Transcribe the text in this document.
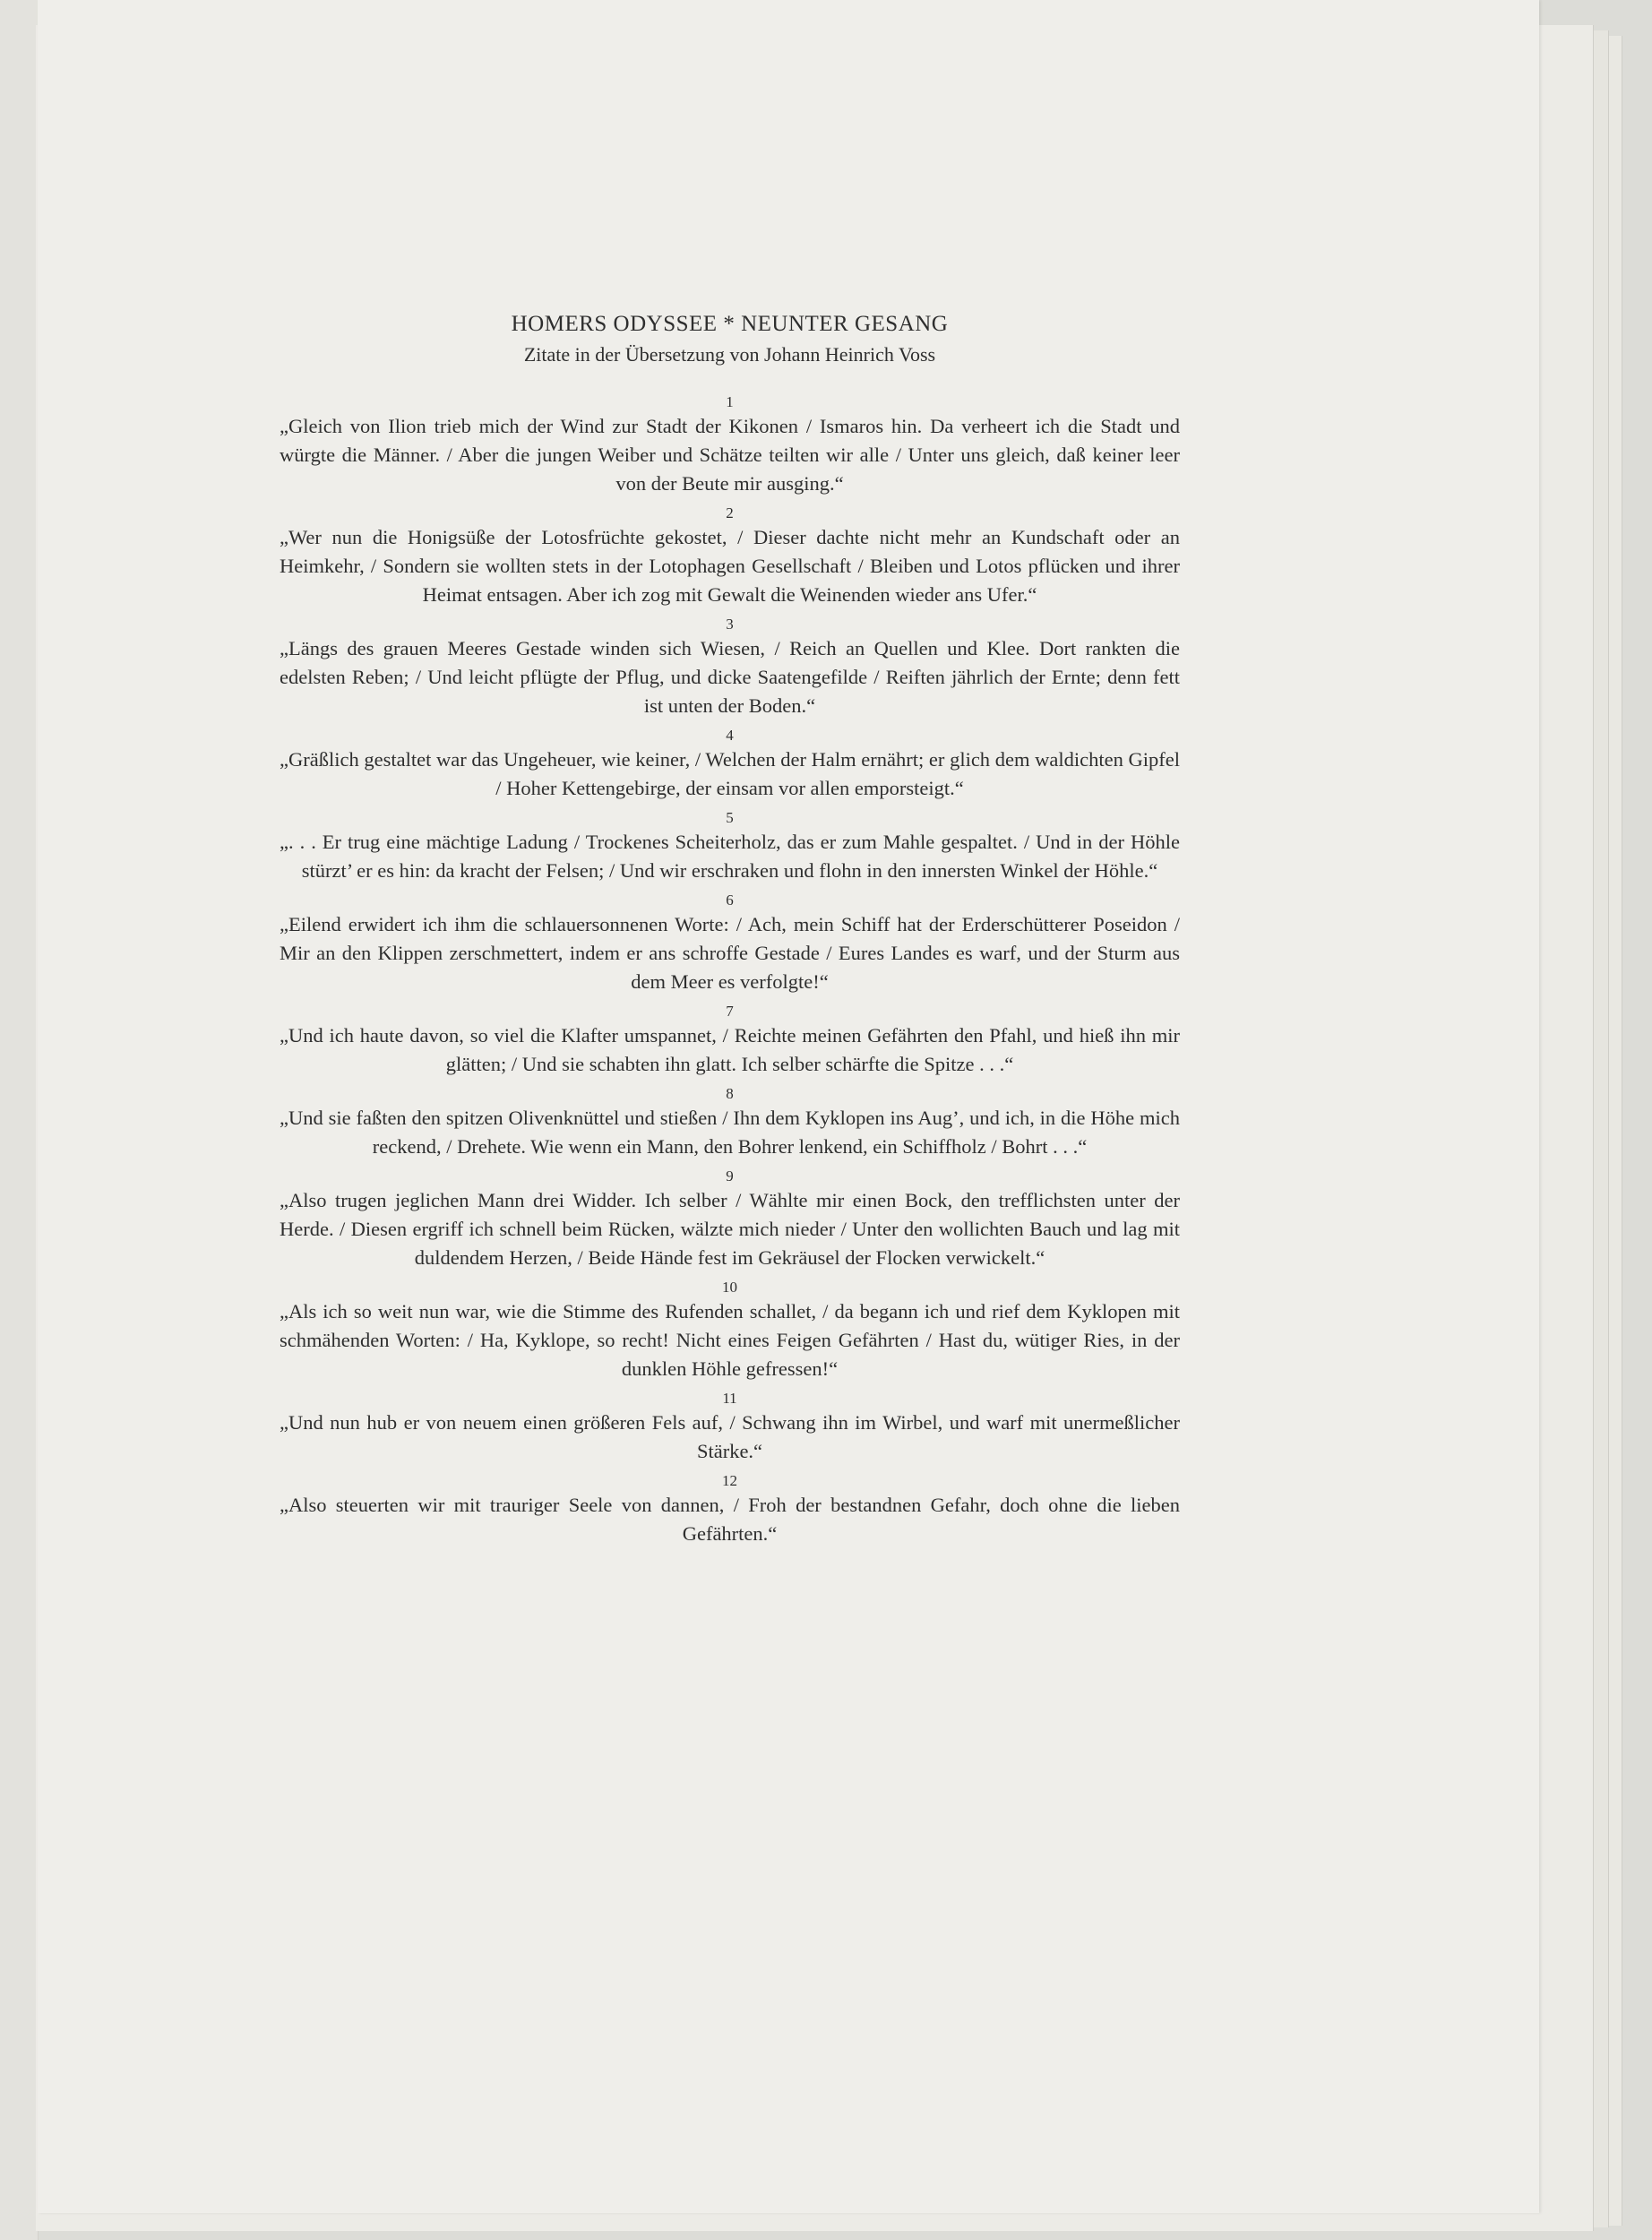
HOMERS ODYSSEE * NEUNTER GESANG

Zitate in der Übersetzung von Johann Heinrich Voss

1

„Gleich von Ilion trieb mich der Wind zur Stadt der Kikonen / Ismaros hin. Da verheert ich die Stadt und würgte die Männer. / Aber die jungen Weiber und Schätze teilten wir alle / Unter uns gleich, daß keiner leer von der Beute mir ausging.“

2

„Wer nun die Honigsüße der Lotosfrüchte gekostet, / Dieser dachte nicht mehr an Kundschaft oder an Heimkehr, / Sondern sie wollten stets in der Lotophagen Gesellschaft / Bleiben und Lotos pflücken und ihrer Heimat entsagen. Aber ich zog mit Gewalt die Weinenden wieder ans Ufer.“

3

„Längs des grauen Meeres Gestade winden sich Wiesen, / Reich an Quellen und Klee. Dort rankten die edelsten Reben; / Und leicht pflügte der Pflug, und dicke Saatengefilde / Reiften jährlich der Ernte; denn fett ist unten der Boden.“

4

„Gräßlich gestaltet war das Ungeheuer, wie keiner, / Welchen der Halm ernährt; er glich dem waldichten Gipfel / Hoher Kettengebirge, der einsam vor allen emporsteigt.“

5

„. . . Er trug eine mächtige Ladung / Trockenes Scheiterholz, das er zum Mahle gespaltet. / Und in der Höhle stürzt’ er es hin: da kracht der Felsen; / Und wir erschraken und flohn in den innersten Winkel der Höhle.“

6

„Eilend erwidert ich ihm die schlauersonnenen Worte: / Ach, mein Schiff hat der Erderschütterer Poseidon / Mir an den Klippen zerschmettert, indem er ans schroffe Gestade / Eures Landes es warf, und der Sturm aus dem Meer es verfolgte!“

7

„Und ich haute davon, so viel die Klafter umspannet, / Reichte meinen Gefährten den Pfahl, und hieß ihn mir glätten; / Und sie schabten ihn glatt. Ich selber schärfte die Spitze . . .“

8

„Und sie faßten den spitzen Olivenknüttel und stießen / Ihn dem Kyklopen ins Aug’, und ich, in die Höhe mich reckend, / Drehete. Wie wenn ein Mann, den Bohrer lenkend, ein Schiffholz / Bohrt . . .“

9

„Also trugen jeglichen Mann drei Widder. Ich selber / Wählte mir einen Bock, den trefflichsten unter der Herde. / Diesen ergriff ich schnell beim Rücken, wälzte mich nieder / Unter den wollichten Bauch und lag mit duldendem Herzen, / Beide Hände fest im Gekräusel der Flocken verwickelt.“

10

„Als ich so weit nun war, wie die Stimme des Rufenden schallet, / da begann ich und rief dem Kyklopen mit schmähenden Worten: / Ha, Kyklope, so recht! Nicht eines Feigen Gefährten / Hast du, wütiger Ries, in der dunklen Höhle gefressen!“

11

„Und nun hub er von neuem einen größeren Fels auf, / Schwang ihn im Wirbel, und warf mit unermeßlicher Stärke.“

12

„Also steuerten wir mit trauriger Seele von dannen, / Froh der bestandnen Gefahr, doch ohne die lieben Gefährten.“
